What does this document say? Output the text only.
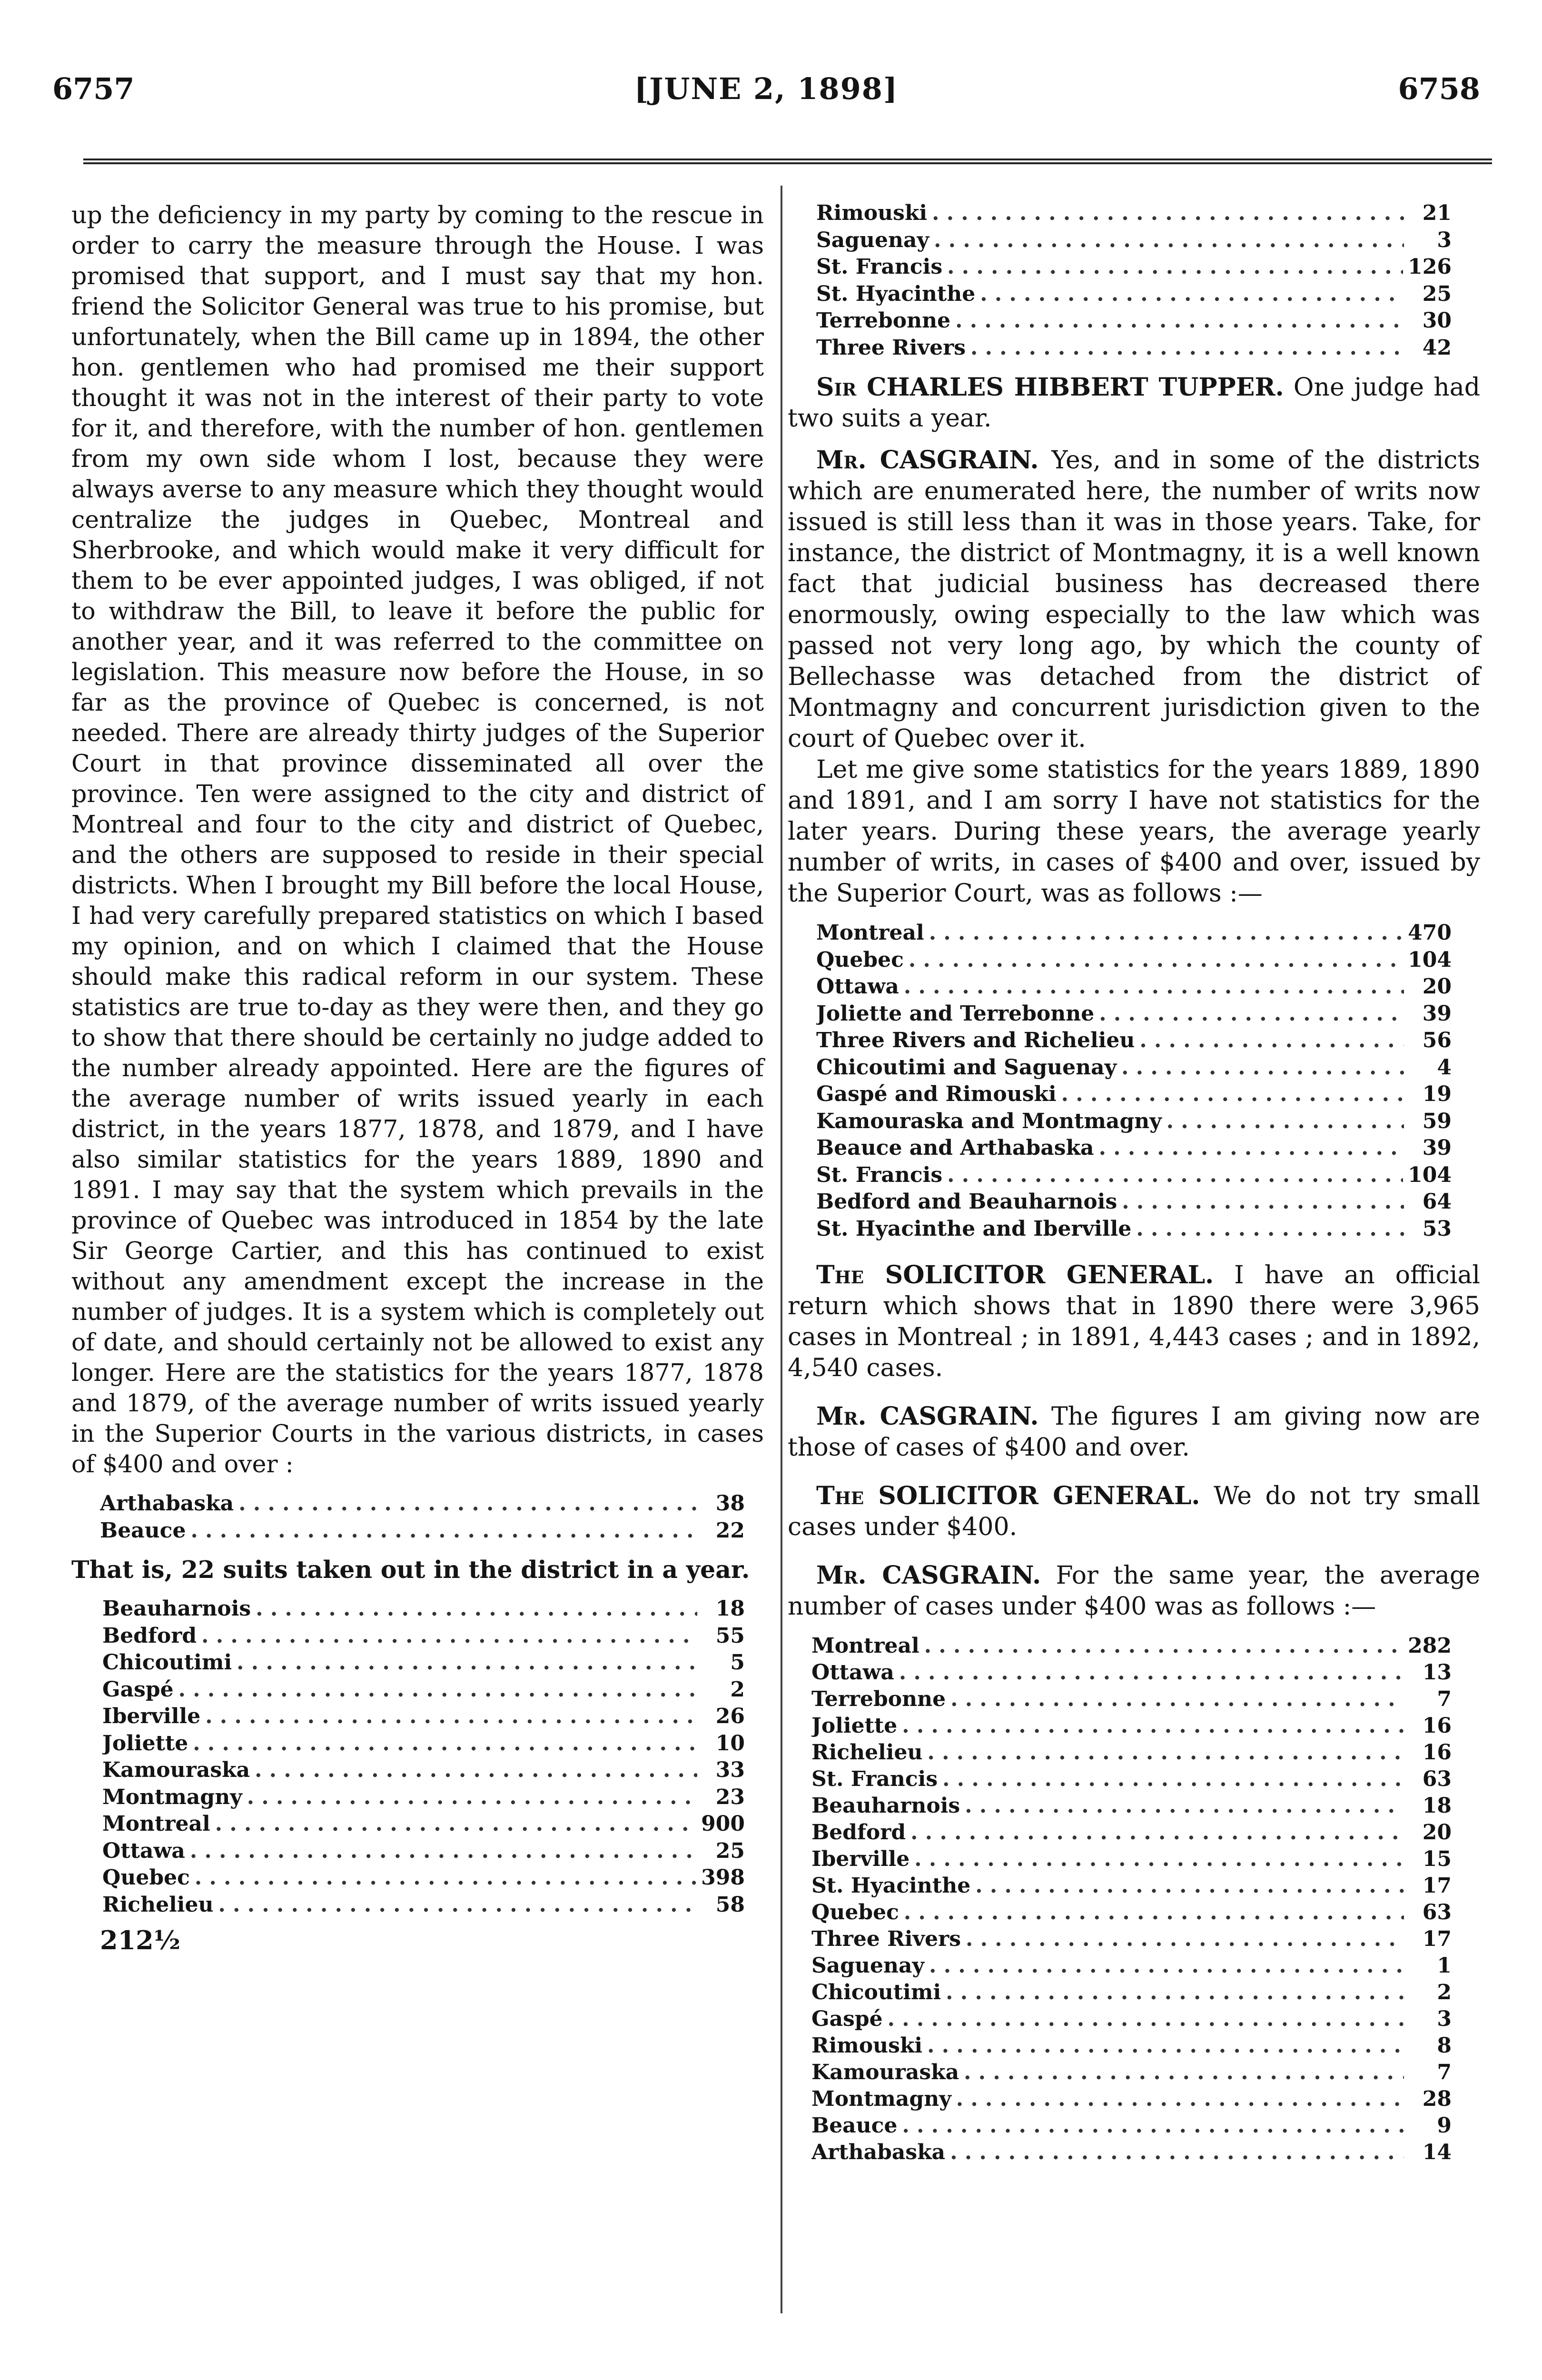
6757	[JUNE 2, 1898]	6758

up the deficiency in my party by coming to the rescue in order to carry the measure through the House. I was promised that support, and I must say that my hon. friend the Solicitor General was true to his promise, but unfortunately, when the Bill came up in 1894, the other hon. gentlemen who had promised me their support thought it was not in the interest of their party to vote for it, and therefore, with the number of hon. gentlemen from my own side whom I lost, because they were always averse to any measure which they thought would centralize the judges in Quebec, Montreal and Sherbrooke, and which would make it very difficult for them to be ever appointed judges, I was obliged, if not to withdraw the Bill, to leave it before the public for another year, and it was referred to the committee on legislation. This measure now before the House, in so far as the province of Quebec is concerned, is not needed. There are already thirty judges of the Superior Court in that province disseminated all over the province. Ten were assigned to the city and district of Montreal and four to the city and district of Quebec, and the others are supposed to reside in their special districts. When I brought my Bill before the local House, I had very carefully prepared statistics on which I based my opinion, and on which I claimed that the House should make this radical reform in our system. These statistics are true to-day as they were then, and they go to show that there should be certainly no judge added to the number already appointed. Here are the figures of the average number of writs issued yearly in each district, in the years 1877, 1878, and 1879, and I have also similar statistics for the years 1889, 1890 and 1891. I may say that the system which prevails in the province of Quebec was introduced in 1854 by the late Sir George Cartier, and this has continued to exist without any amendment except the increase in the number of judges. It is a system which is completely out of date, and should certainly not be allowed to exist any longer. Here are the statistics for the years 1877, 1878 and 1879, of the average number of writs issued yearly in the Superior Courts in the various districts, in cases of $400 and over :

Arthabaska . . .	38
Beauce . . .	22

That is, 22 suits taken out in the district in a year.

Beauharnois . . .	18
Bedford . . .	55
Chicoutimi . . .	5
Gaspé . . .	2
Iberville . . .	26
Joliette . . .	10
Kamouraska . . .	33
Montmagny . . .	23
Montreal . . .	900
Ottawa . . .	25
Quebec . . .	398
Richelieu . . .	58
212½
Rimouski . . .	21
Saguenay . . .	3
St. Francis . . .	126
St. Hyacinthe . . .	25
Terrebonne . . .	30
Three Rivers . . .	42

Sir CHARLES HIBBERT TUPPER. One judge had two suits a year.

Mr. CASGRAIN. Yes, and in some of the districts which are enumerated here, the number of writs now issued is still less than it was in those years. Take, for instance, the district of Montmagny, it is a well known fact that judicial business has decreased there enormously, owing especially to the law which was passed not very long ago, by which the county of Bellechasse was detached from the district of Montmagny and concurrent jurisdiction given to the court of Quebec over it.

Let me give some statistics for the years 1889, 1890 and 1891, and I am sorry I have not statistics for the later years. During these years, the average yearly number of writs, in cases of $400 and over, issued by the Superior Court, was as follows :—

Montreal . . .	470
Quebec . . .	104
Ottawa . . .	20
Joliette and Terrebonne . . .	39
Three Rivers and Richelieu . . .	56
Chicoutimi and Saguenay . . .	4
Gaspé and Rimouski . . .	19
Kamouraska and Montmagny . . .	59
Beauce and Arthabaska . . .	39
St. Francis . . .	104
Bedford and Beauharnois . . .	64
St. Hyacinthe and Iberville . . .	53

The SOLICITOR GENERAL. I have an official return which shows that in 1890 there were 3,965 cases in Montreal ; in 1891, 4,443 cases ; and in 1892, 4,540 cases.

Mr. CASGRAIN. The figures I am giving now are those of cases of $400 and over.

The SOLICITOR GENERAL. We do not try small cases under $400.

Mr. CASGRAIN. For the same year, the average number of cases under $400 was as follows :—

Montreal . . .	282
Ottawa . . .	13
Terrebonne . . .	7
Joliette . . .	16
Richelieu . . .	16
St. Francis . . .	63
Beauharnois . . .	18
Bedford . . .	20
Iberville . . .	15
St. Hyacinthe . . .	17
Quebec . . .	63
Three Rivers . . .	17
Saguenay . . .	1
Chicoutimi . . .	2
Gaspé . . .	3
Rimouski . . .	8
Kamouraska . . .	7
Montmagny . . .	28
Beauce . . .	9
Arthabaska . . .	14
